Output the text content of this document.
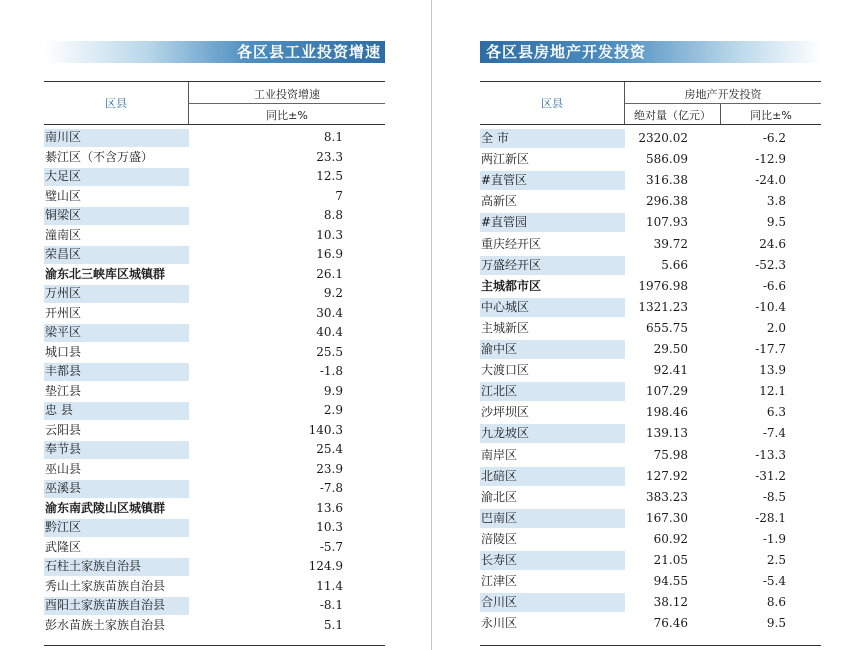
各区县工业投资增速
区县
工业投资增速
同比±%
南川区	8.1
綦江区（不含万盛）	23.3
大足区	12.5
璧山区	7
铜梁区	8.8
潼南区	10.3
荣昌区	16.9
渝东北三峡库区城镇群	26.1
万州区	9.2
开州区	30.4
梁平区	40.4
城口县	25.5
丰都县	-1.8
垫江县	9.9
忠 县	2.9
云阳县	140.3
奉节县	25.4
巫山县	23.9
巫溪县	-7.8
渝东南武陵山区城镇群	13.6
黔江区	10.3
武隆区	-5.7
石柱土家族自治县	124.9
秀山土家族苗族自治县	11.4
酉阳土家族苗族自治县	-8.1
彭水苗族土家族自治县	5.1
各区县房地产开发投资
区县
房地产开发投资
绝对量（亿元）	同比±%
全 市	2320.02	-6.2
两江新区	586.09	-12.9
#直管区	316.38	-24.0
高新区	296.38	3.8
#直管园	107.93	9.5
重庆经开区	39.72	24.6
万盛经开区	5.66	-52.3
主城都市区	1976.98	-6.6
中心城区	1321.23	-10.4
主城新区	655.75	2.0
渝中区	29.50	-17.7
大渡口区	92.41	13.9
江北区	107.29	12.1
沙坪坝区	198.46	6.3
九龙坡区	139.13	-7.4
南岸区	75.98	-13.3
北碚区	127.92	-31.2
渝北区	383.23	-8.5
巴南区	167.30	-28.1
涪陵区	60.92	-1.9
长寿区	21.05	2.5
江津区	94.55	-5.4
合川区	38.12	8.6
永川区	76.46	9.5
